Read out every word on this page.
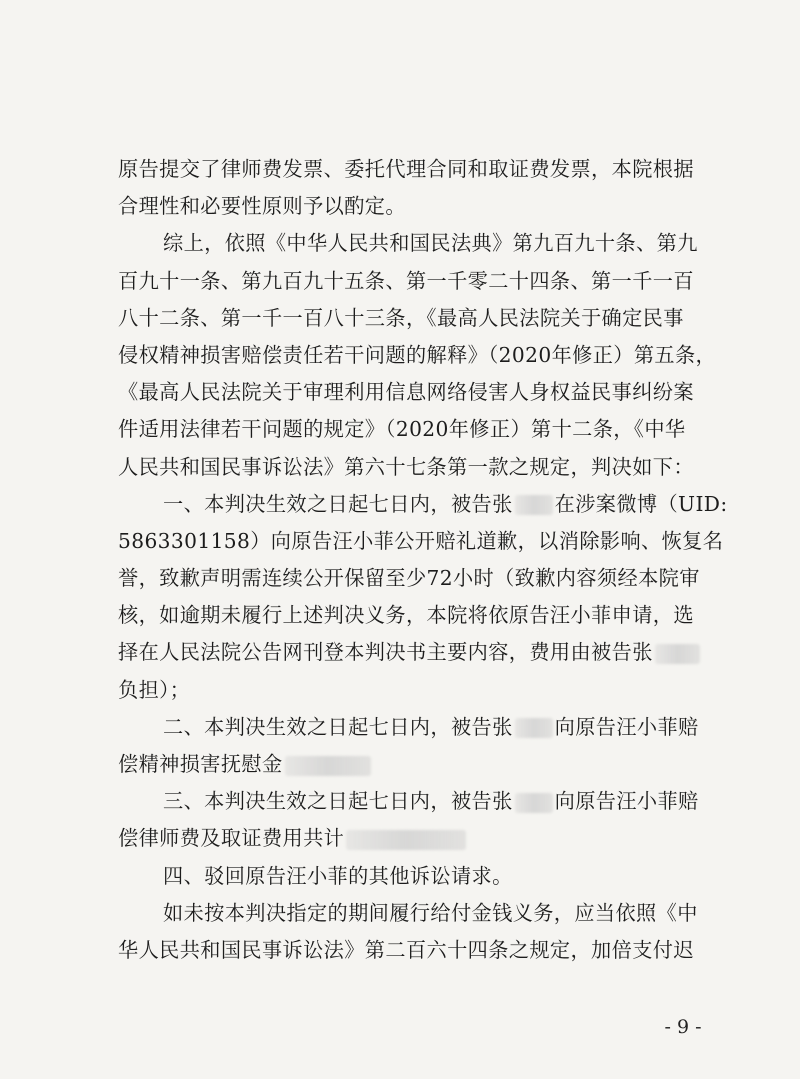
原告提交了律师费发票、委托代理合同和取证费发票，本院根据
合理性和必要性原则予以酌定。
综上，依照《中华人民共和国民法典》第九百九十条、第九
百九十一条、第九百九十五条、第一千零二十四条、第一千一百
八十二条、第一千一百八十三条，《最高人民法院关于确定民事
侵权精神损害赔偿责任若干问题的解释》（2020年修正）第五条，
《最高人民法院关于审理利用信息网络侵害人身权益民事纠纷案
件适用法律若干问题的规定》（2020年修正）第十二条，《中华
人民共和国民事诉讼法》第六十七条第一款之规定，判决如下：
一、本判决生效之日起七日内，被告张 在涉案微博（UID:
5863301158）向原告汪小菲公开赔礼道歉，以消除影响、恢复名
誉，致歉声明需连续公开保留至少72小时（致歉内容须经本院审
核，如逾期未履行上述判决义务，本院将依原告汪小菲申请，选
择在人民法院公告网刊登本判决书主要内容，费用由被告张
负担）；
二、本判决生效之日起七日内，被告张 向原告汪小菲赔
偿精神损害抚慰金
三、本判决生效之日起七日内，被告张 向原告汪小菲赔
偿律师费及取证费用共计
四、驳回原告汪小菲的其他诉讼请求。
如未按本判决指定的期间履行给付金钱义务，应当依照《中
华人民共和国民事诉讼法》第二百六十四条之规定，加倍支付迟
- 9 -
